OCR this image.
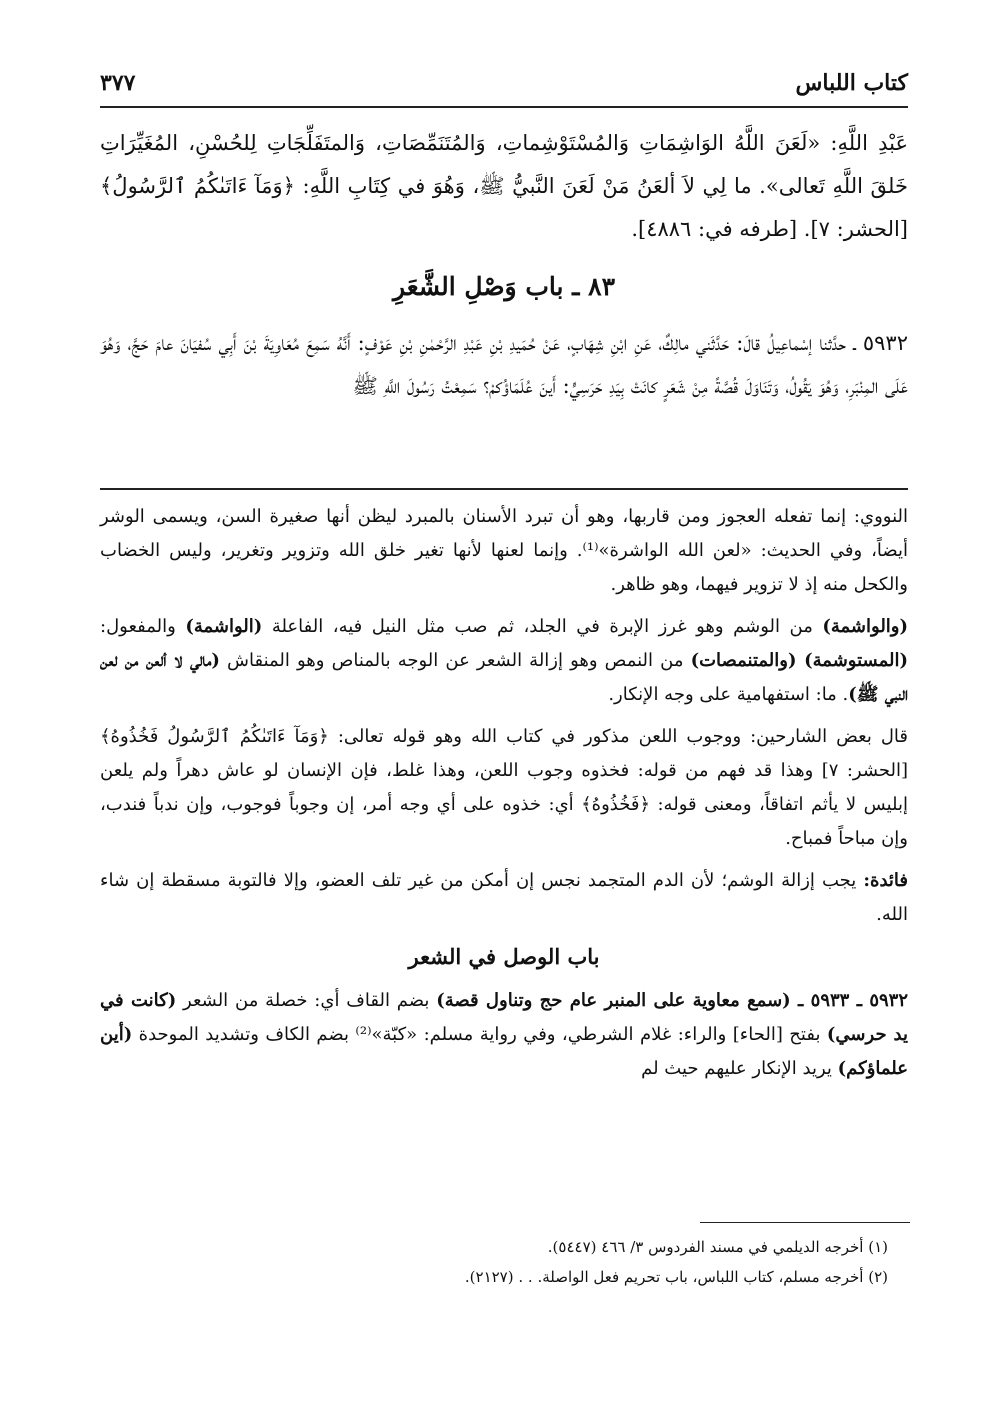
كتاب اللباس
٣٧٧
عَبْدِ اللَّهِ: «لَعَنَ اللَّهُ الوَاشِمَاتِ وَالمُسْتَوْشِماتِ، وَالمُتَنَمِّصَاتِ، وَالمتَفَلِّجَاتِ لِلحُسْنِ، المُغَيِّرَاتِ خَلقَ اللَّهِ تَعالى». ما لِي لاَ ألعَنُ مَنْ لَعَنَ النَّبيُّ ﷺ، وَهُوَ في كِتَابِ اللَّهِ: ﴿وَمَآ ءَاتَىٰكُمُ ٱلرَّسُولُ﴾ [الحشر: ٧]. [طرفه في: ٤٨٨٦].
٨٣ ـ باب وَصْلِ الشَّعَرِ
٥٩٣٢ ـ حدَّثنا إسْماعِيلُ قالَ: حَدَّثَني مالِكٌ، عَنِ ابْنِ شِهَابٍ، عَنْ حُمَيدِ بْنِ عَبْدِ الرَّحْمٰنِ بْنِ عَوْفٍ: أَنَّهُ سَمِعَ مُعَاوِيَةَ بْنَ أَبِي سُفيَانَ عامَ حَجَّ، وَهُوَ عَلَى المِنْبَرِ، وَهُوَ يَقُولُ، وَتَنَاوَلَ قُصَّةً مِنْ شَعَرٍ كانَتْ بِيَدِ حَرَسِيٍّ: أَينَ عُلَمَاؤُكمْ؟ سَمِعْتُ رَسُولَ اللَّهِ ﷺ

النووي: إنما تفعله العجوز ومن قاربها، وهو أن تبرد الأسنان بالمبرد ليظن أنها صغيرة السن، ويسمى الوشر أيضاً، وفي الحديث: «لعن الله الواشرة»⁽¹⁾. وإنما لعنها لأنها تغير خلق الله وتزوير وتغرير، وليس الخضاب والكحل منه إذ لا تزوير فيهما، وهو ظاهر.

(والواشمة) من الوشم وهو غرز الإبرة في الجلد، ثم صب مثل النيل فيه، الفاعلة (الواشمة) والمفعول: (المستوشمة) (والمتنمصات) من النمص وهو إزالة الشعر عن الوجه بالمناص وهو المنقاش (مالي لا ألعن من لعن النبي ﷺ). ما: استفهامية على وجه الإنكار.

قال بعض الشارحين: ووجوب اللعن مذكور في كتاب الله وهو قوله تعالى: ﴿وَمَآ ءَاتَىٰكُمُ ٱلرَّسُولُ فَخُذُوهُ﴾ [الحشر: ٧] وهذا قد فهم من قوله: فخذوه وجوب اللعن، وهذا غلط، فإن الإنسان لو عاش دهراً ولم يلعن إبليس لا يأثم اتفاقاً، ومعنى قوله: ﴿فَخُذُوهُ﴾ أي: خذوه على أي وجه أمر، إن وجوباً فوجوب، وإن ندباً فندب، وإن مباحاً فمباح.

فائدة: يجب إزالة الوشم؛ لأن الدم المتجمد نجس إن أمكن من غير تلف العضو، وإلا فالتوبة مسقطة إن شاء الله.

باب الوصل في الشعر

٥٩٣٢ ـ ٥٩٣٣ ـ (سمع معاوية على المنبر عام حج وتناول قصة) بضم القاف أي: خصلة من الشعر (كانت في يد حرسي) بفتح [الحاء] والراء: غلام الشرطي، وفي رواية مسلم: «كبّة»⁽²⁾ بضم الكاف وتشديد الموحدة (أين علماؤكم) يريد الإنكار عليهم حيث لم

(١) أخرجه الديلمي في مسند الفردوس ٣/ ٤٦٦ (٥٤٤٧).
(٢) أخرجه مسلم، كتاب اللباس، باب تحريم فعل الواصلة. . . (٢١٢٧).
